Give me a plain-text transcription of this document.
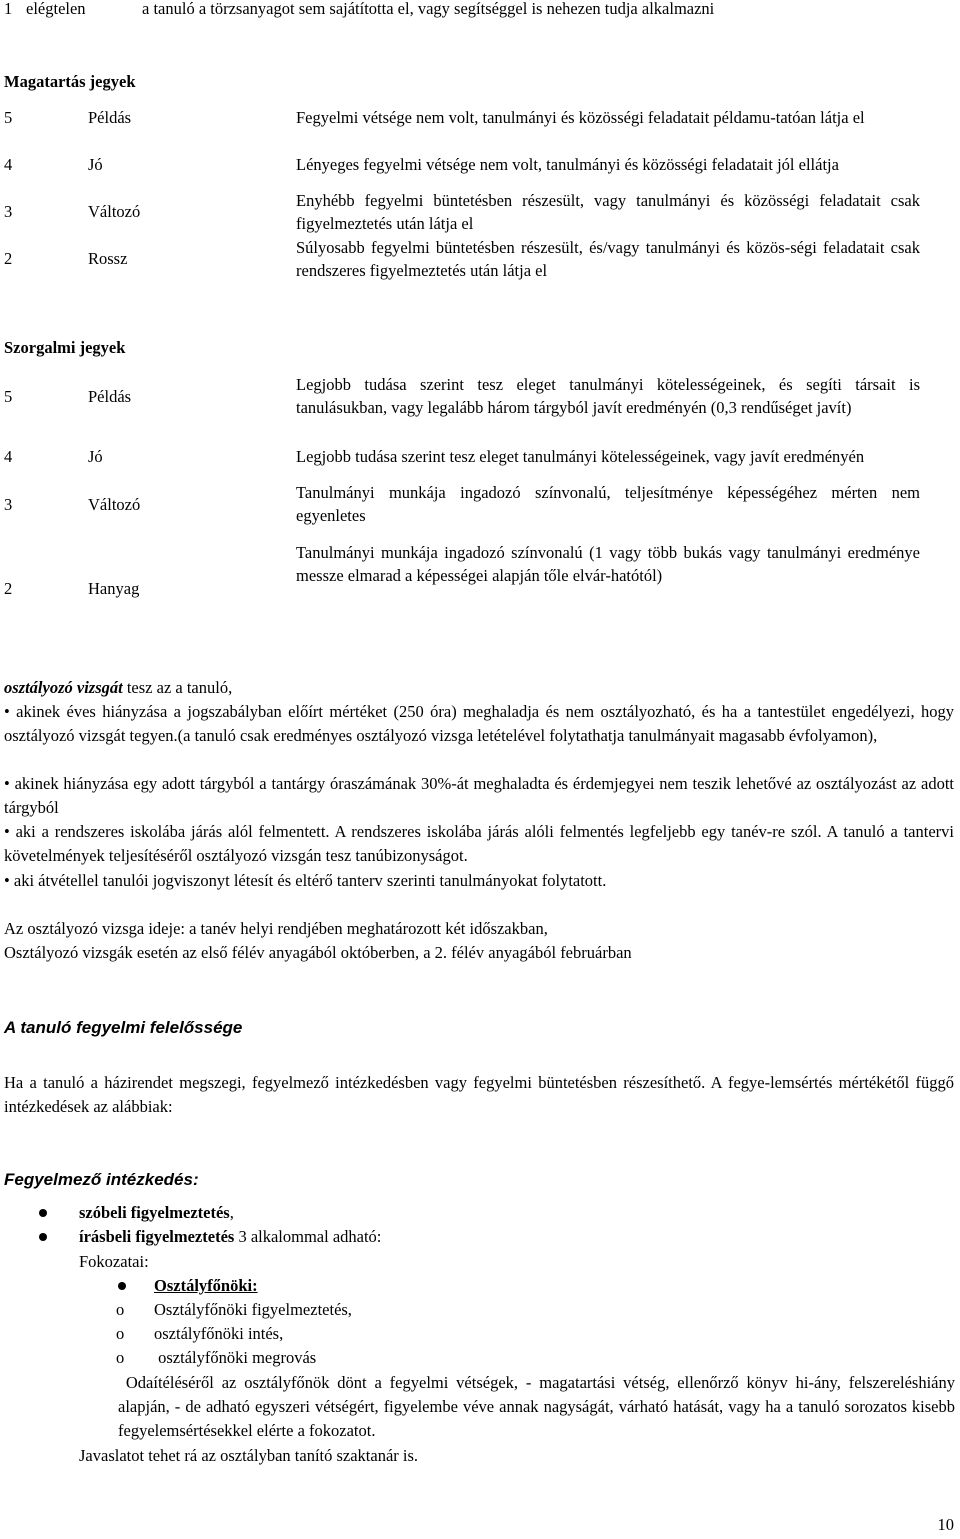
1 elégtelen	a tanuló a törzsanyagot sem sajátította el, vagy segítséggel is nehezen tudja alkalmazni
Magatartás jegyek
5	Példás	Fegyelmi vétsége nem volt, tanulmányi és közösségi feladatait példamu-tatóan látja el
4	Jó	Lényeges fegyelmi vétsége nem volt, tanulmányi és közösségi feladatait jól ellátja
3	Változó	Enyhébb fegyelmi büntetésben részesült, vagy tanulmányi és közösségi feladatait csak figyelmeztetés után látja el
2	Rossz	Súlyosabb fegyelmi büntetésben részesült, és/vagy tanulmányi és közös-ségi feladatait csak rendszeres figyelmeztetés után látja el
Szorgalmi jegyek
5	Példás	Legjobb tudása szerint tesz eleget tanulmányi kötelességeinek, és segíti társait is tanulásukban, vagy legalább három tárgyból javít eredményén (0,3 rendűséget javít)
4	Jó	Legjobb tudása szerint tesz eleget tanulmányi kötelességeinek, vagy javít eredményén
3	Változó	Tanulmányi munkája ingadozó színvonalú, teljesítménye képességéhez mérten nem egyenletes
2	Hanyag	Tanulmányi munkája ingadozó színvonalú (1 vagy több bukás vagy tanulmányi eredménye messze elmarad a képességei alapján tőle elvár-hatótól)
osztályozó vizsgát tesz az a tanuló,
• akinek éves hiányzása a jogszabályban előírt mértéket (250 óra) meghaladja és nem osztályozható, és ha a tantestület engedélyezi, hogy osztályozó vizsgát tegyen.(a tanuló csak eredményes osztályozó vizsga letételével folytathatja tanulmányait magasabb évfolyamon),
• akinek hiányzása egy adott tárgyból a tantárgy óraszámának 30%-át meghaladta és érdemjegyei nem teszik lehetővé az osztályozást az adott tárgyból
• aki a rendszeres iskolába járás alól felmentett. A rendszeres iskolába járás alóli felmentés legfeljebb egy tanév-re szól. A tanuló a tantervi követelmények teljesítéséről osztályozó vizsgán tesz tanúbizonyságot.
• aki átvétellel tanulói jogviszonyt létesít és eltérő tanterv szerinti tanulmányokat folytatott.
Az osztályozó vizsga ideje: a tanév helyi rendjében meghatározott két időszakban,
Osztályozó vizsgák esetén az első félév anyagából októberben, a 2. félév anyagából februárban
A tanuló fegyelmi felelőssége
Ha a tanuló a házirendet megszegi, fegyelmező intézkedésben vagy fegyelmi büntetésben részesíthető. A fegye-lemsértés mértékétől függő intézkedések az alábbiak:
Fegyelmező intézkedés:
szóbeli figyelmeztetés,
írásbeli figyelmeztetés 3 alkalommal adható:
Fokozatai:
Osztályfőnöki:
o Osztályfőnöki figyelmeztetés,
o osztályfőnöki intés,
o osztályfőnöki megrovás
Odaítéléséről az osztályfőnök dönt a fegyelmi vétségek, - magatartási vétség, ellenőrző könyv hi-ány, felszereléshiány alapján, - de adható egyszeri vétségért, figyelembe véve annak nagyságát, várható hatását, vagy ha a tanuló sorozatos kisebb fegyelemsértésekkel elérte a fokozatot.
Javaslatot tehet rá az osztályban tanító szaktanár is.
10
